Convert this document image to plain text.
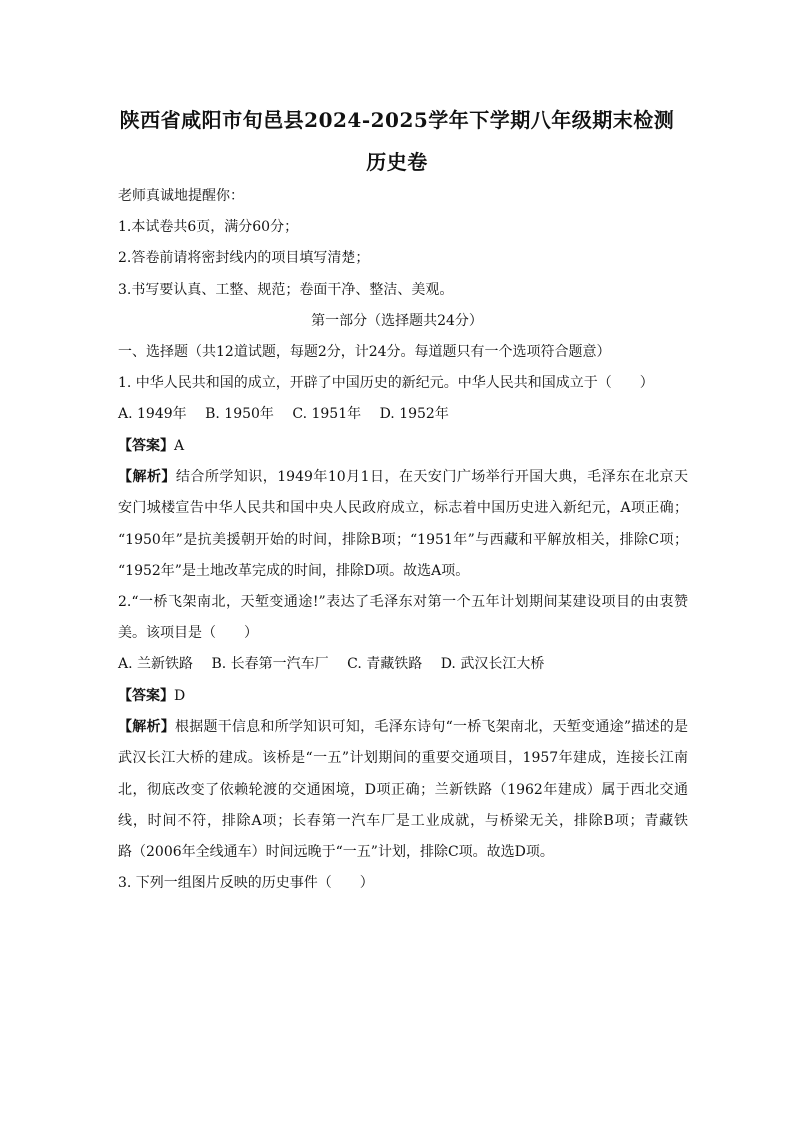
陕西省咸阳市旬邑县2024-2025学年下学期八年级期末检测
历史卷
老师真诚地提醒你：
1.本试卷共6页，满分60分；
2.答卷前请将密封线内的项目填写清楚；
3.书写要认真、工整、规范；卷面干净、整洁、美观。
第一部分（选择题共24分）
一、选择题（共12道试题，每题2分，计24分。每道题只有一个选项符合题意）
1. 中华人民共和国的成立，开辟了中国历史的新纪元。中华人民共和国成立于（　　）
A. 1949年 B. 1950年 C. 1951年 D. 1952年
【答案】A
【解析】结合所学知识，1949年10月1日，在天安门广场举行开国大典，毛泽东在北京天
安门城楼宣告中华人民共和国中央人民政府成立，标志着中国历史进入新纪元，A项正确；
“1950年”是抗美援朝开始的时间，排除B项；“1951年”与西藏和平解放相关，排除C项；
“1952年”是土地改革完成的时间，排除D项。故选A项。
2.“一桥飞架南北，天堑变通途!”表达了毛泽东对第一个五年计划期间某建设项目的由衷赞
美。该项目是（　　）
A. 兰新铁路 B. 长春第一汽车厂 C. 青藏铁路 D. 武汉长江大桥
【答案】D
【解析】根据题干信息和所学知识可知，毛泽东诗句“一桥飞架南北，天堑变通途”描述的是
武汉长江大桥的建成。该桥是“一五”计划期间的重要交通项目，1957年建成，连接长江南
北，彻底改变了依赖轮渡的交通困境，D项正确；兰新铁路（1962年建成）属于西北交通
线，时间不符，排除A项；长春第一汽车厂是工业成就，与桥梁无关，排除B项；青藏铁
路（2006年全线通车）时间远晚于“一五”计划，排除C项。故选D项。
3. 下列一组图片反映的历史事件（　　）
